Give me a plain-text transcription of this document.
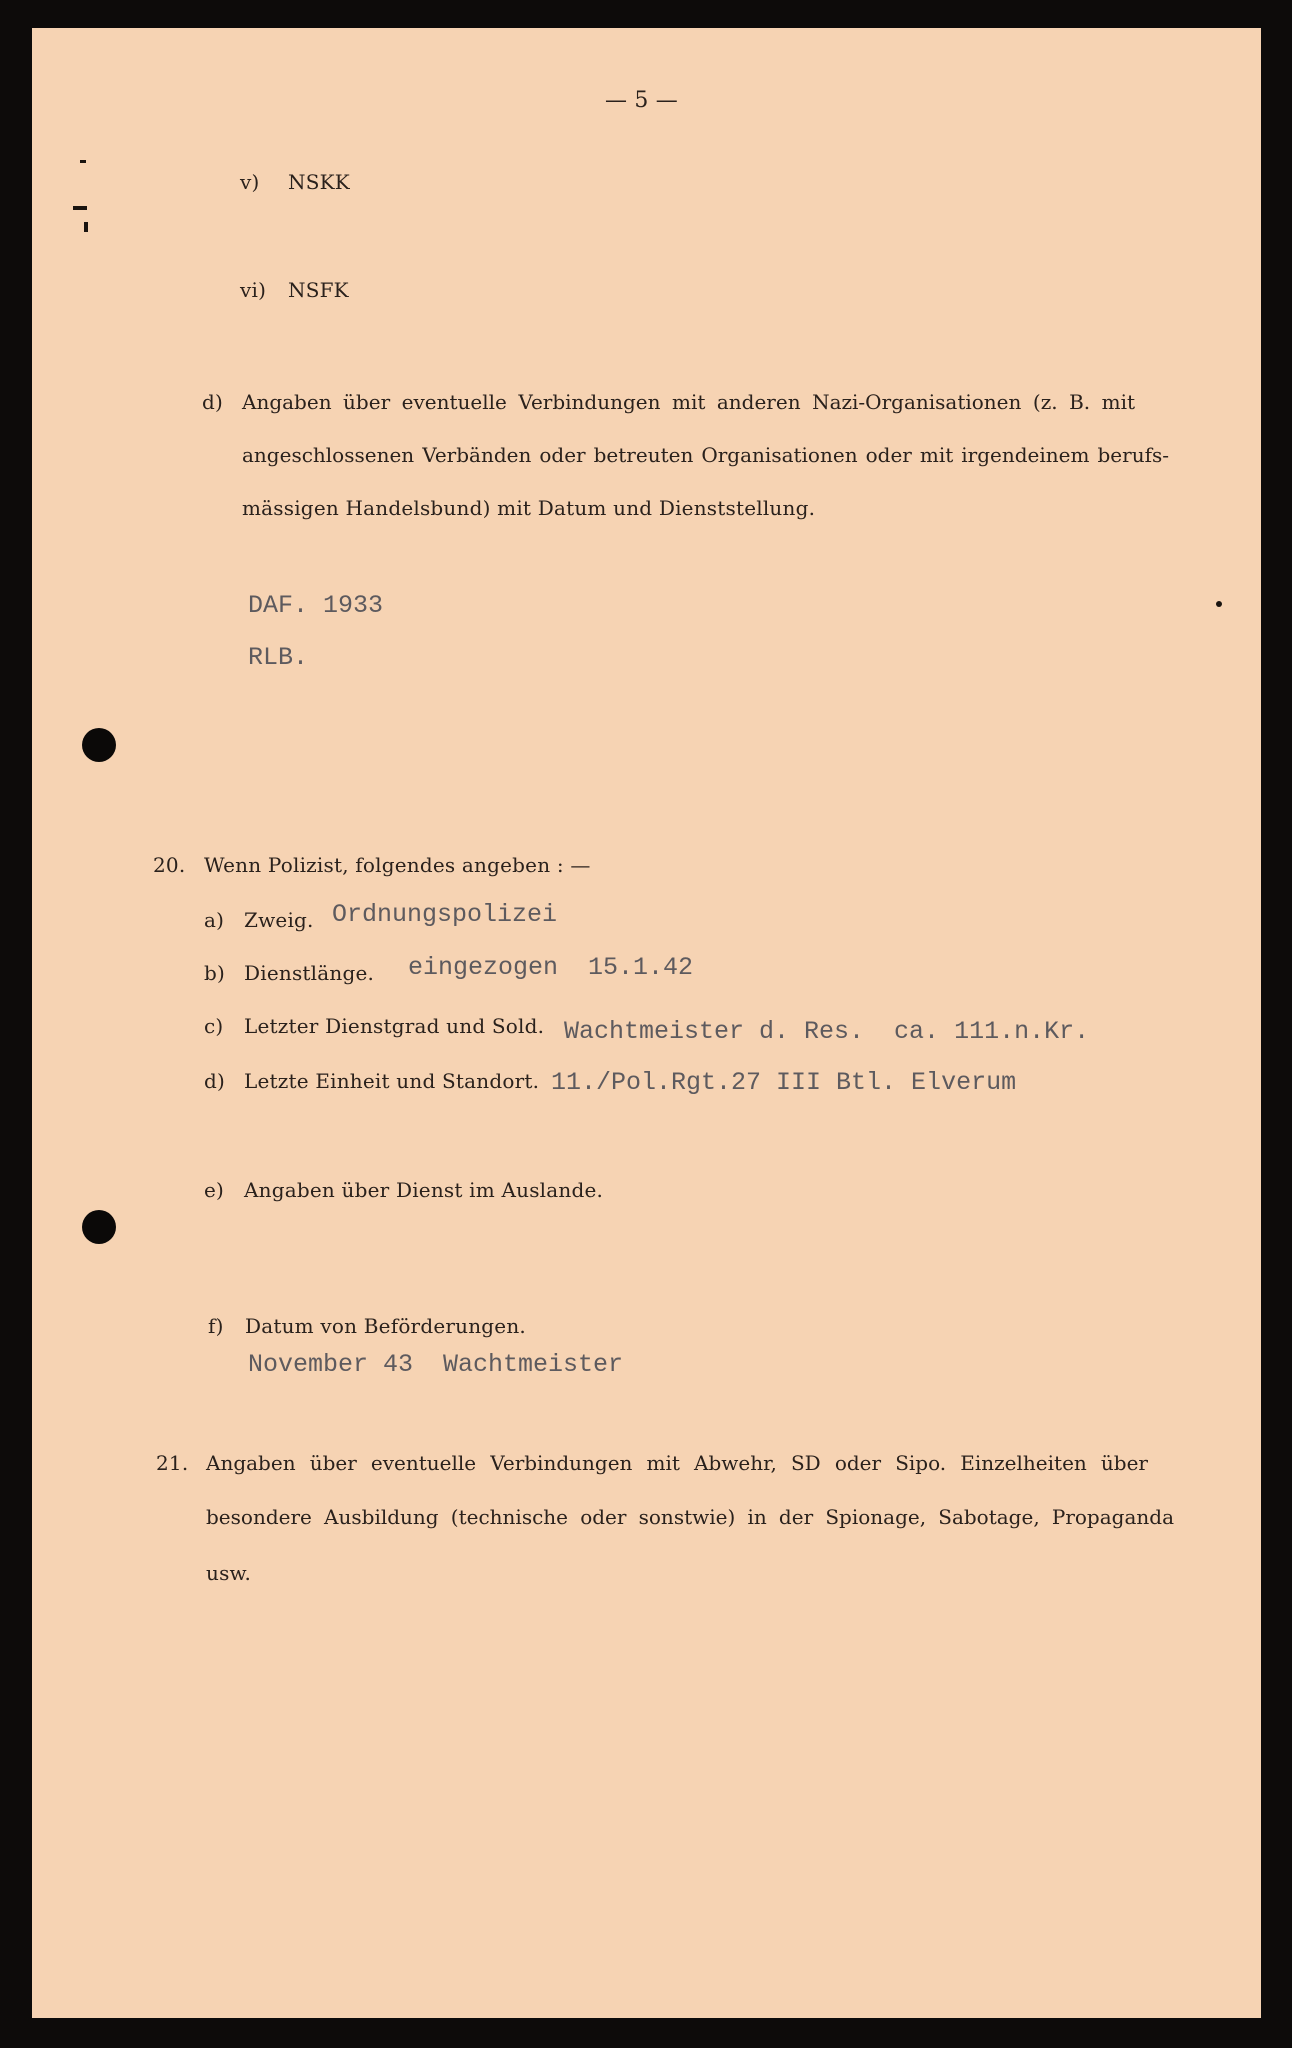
— 5 —
v) NSKK
vi) NSFK
d) Angaben über eventuelle Verbindungen mit anderen Nazi-Organisationen (z. B. mit
angeschlossenen Verbänden oder betreuten Organisationen oder mit irgendeinem berufs-
mässigen Handelsbund) mit Datum und Dienststellung.
DAF. 1933
RLB.
20. Wenn Polizist, folgendes angeben : —
a) Zweig. Ordnungspolizei
b) Dienstlänge. eingezogen  15.1.42
c) Letzter Dienstgrad und Sold. Wachtmeister d. Res.  ca. 111.n.Kr.
d) Letzte Einheit und Standort. 11./Pol.Rgt.27 III Btl. Elverum
e) Angaben über Dienst im Auslande.
f) Datum von Beförderungen.
November 43  Wachtmeister
21. Angaben über eventuelle Verbindungen mit Abwehr, SD oder Sipo. Einzelheiten über
besondere Ausbildung (technische oder sonstwie) in der Spionage, Sabotage, Propaganda
usw.
